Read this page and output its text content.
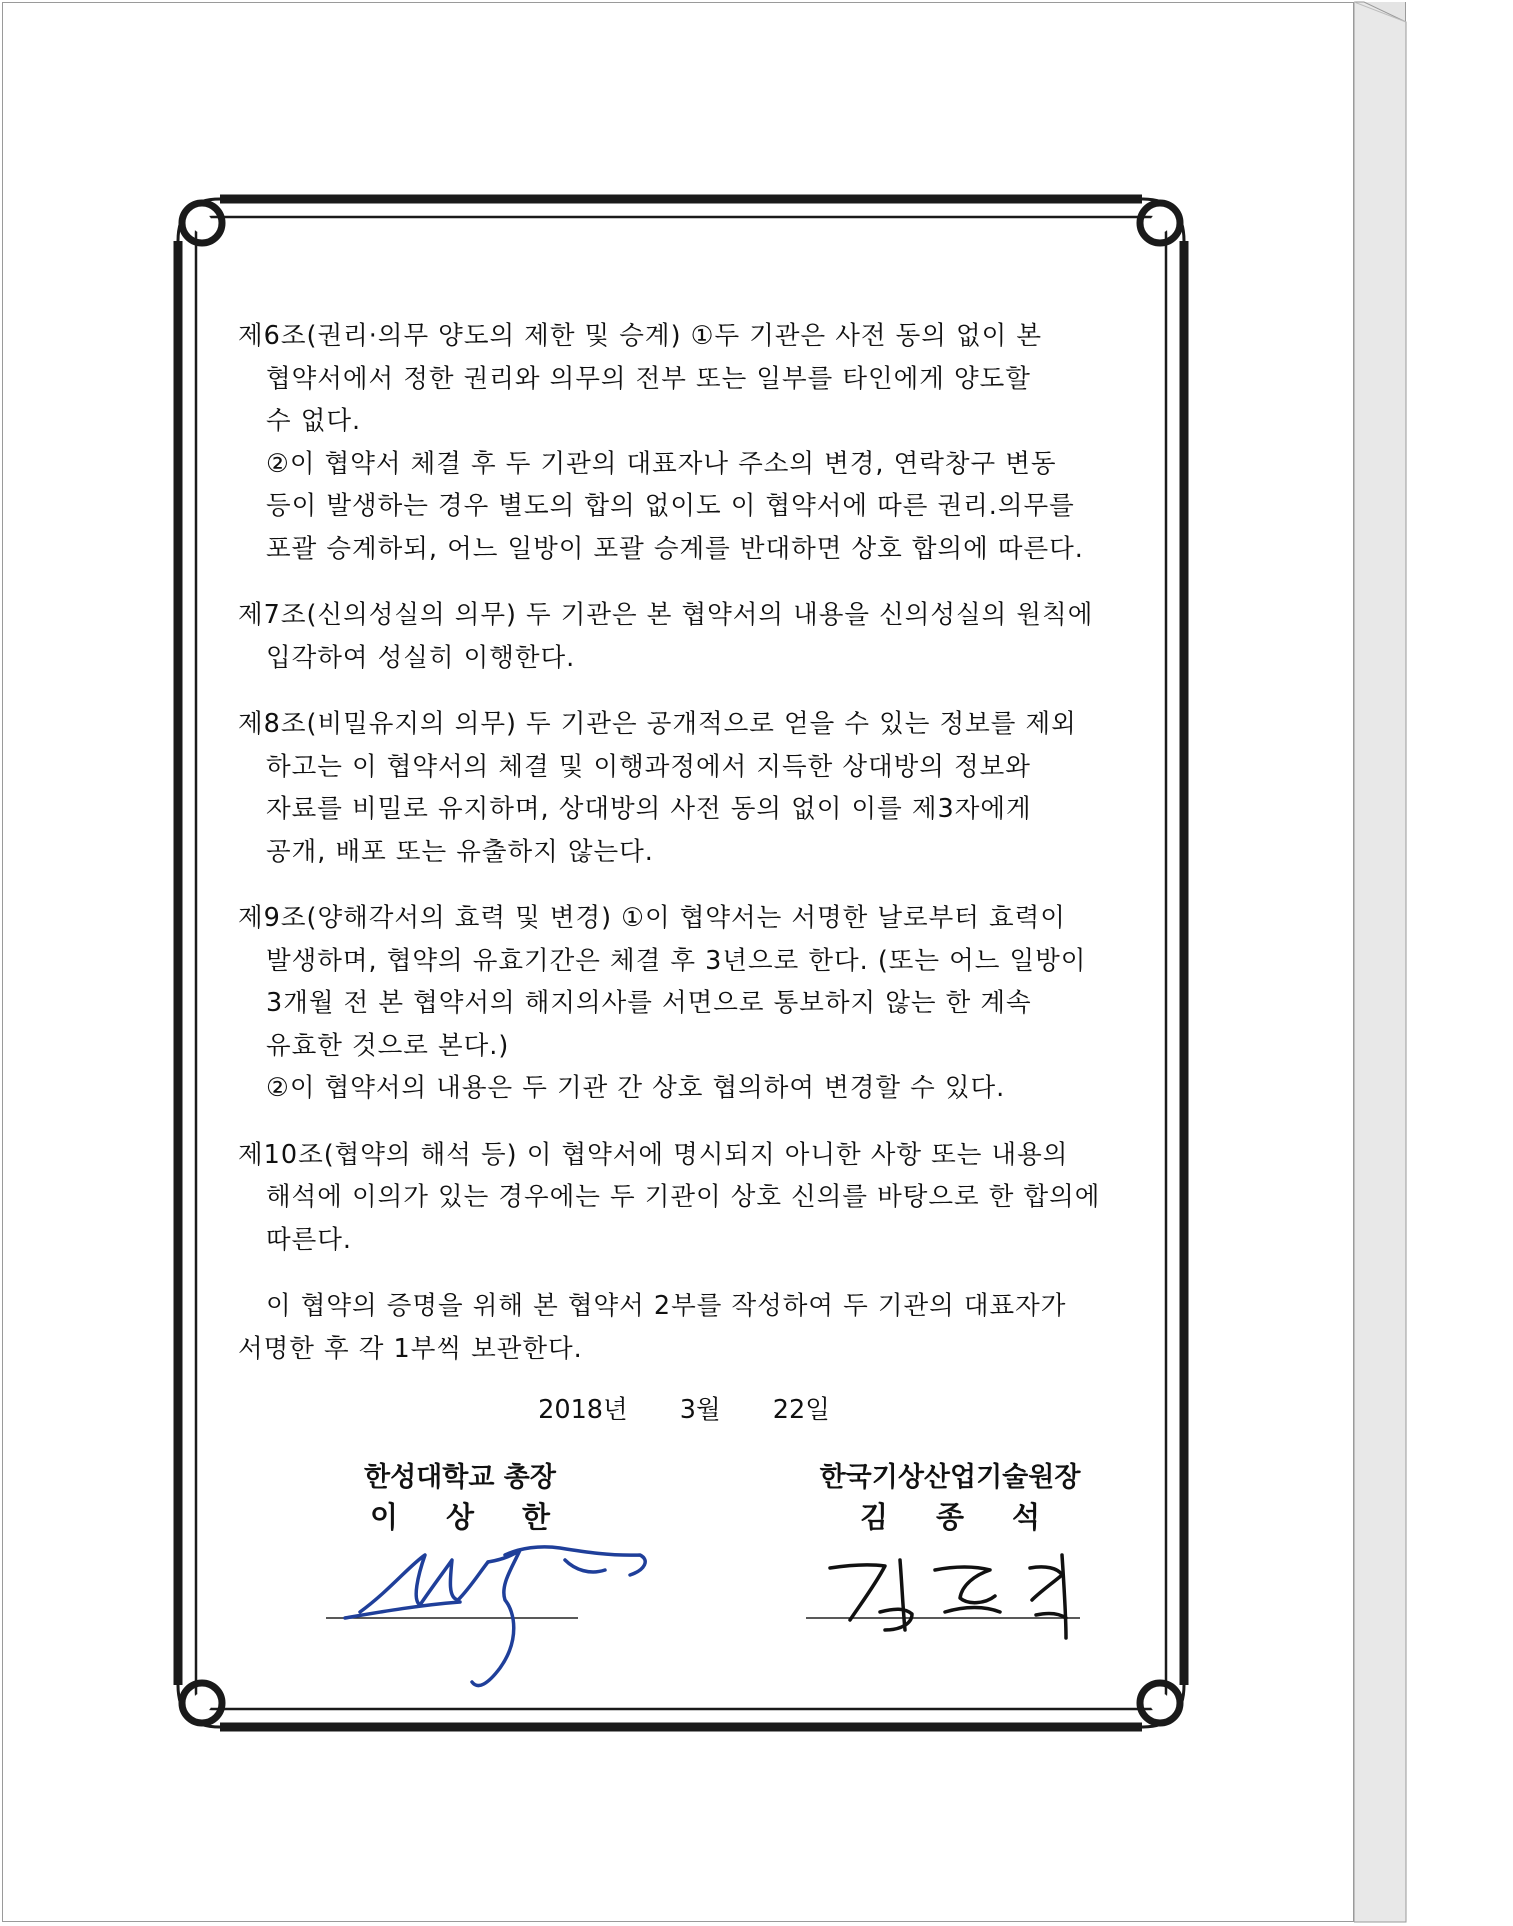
제6조(권리·의무 양도의 제한 및 승계) ①두 기관은 사전 동의 없이 본
협약서에서 정한 권리와 의무의 전부 또는 일부를 타인에게 양도할
수 없다.
②이 협약서 체결 후 두 기관의 대표자나 주소의 변경, 연락창구 변동
등이 발생하는 경우 별도의 합의 없이도 이 협약서에 따른 권리.의무를
포괄 승계하되, 어느 일방이 포괄 승계를 반대하면 상호 합의에 따른다.
제7조(신의성실의 의무) 두 기관은 본 협약서의 내용을 신의성실의 원칙에
입각하여 성실히 이행한다.
제8조(비밀유지의 의무) 두 기관은 공개적으로 얻을 수 있는 정보를 제외
하고는 이 협약서의 체결 및 이행과정에서 지득한 상대방의 정보와
자료를 비밀로 유지하며, 상대방의 사전 동의 없이 이를 제3자에게
공개, 배포 또는 유출하지 않는다.
제9조(양해각서의 효력 및 변경) ①이 협약서는 서명한 날로부터 효력이
발생하며, 협약의 유효기간은 체결 후 3년으로 한다. (또는 어느 일방이
3개월 전 본 협약서의 해지의사를 서면으로 통보하지 않는 한 계속
유효한 것으로 본다.)
②이 협약서의 내용은 두 기관 간 상호 협의하여 변경할 수 있다.
제10조(협약의 해석 등) 이 협약서에 명시되지 아니한 사항 또는 내용의
해석에 이의가 있는 경우에는 두 기관이 상호 신의를 바탕으로 한 합의에
따른다.
이 협약의 증명을 위해 본 협약서 2부를 작성하여 두 기관의 대표자가
서명한 후 각 1부씩 보관한다.
2018년 3월 22일
한성대학교 총장
이상한
한국기상산업기술원장
김종석
